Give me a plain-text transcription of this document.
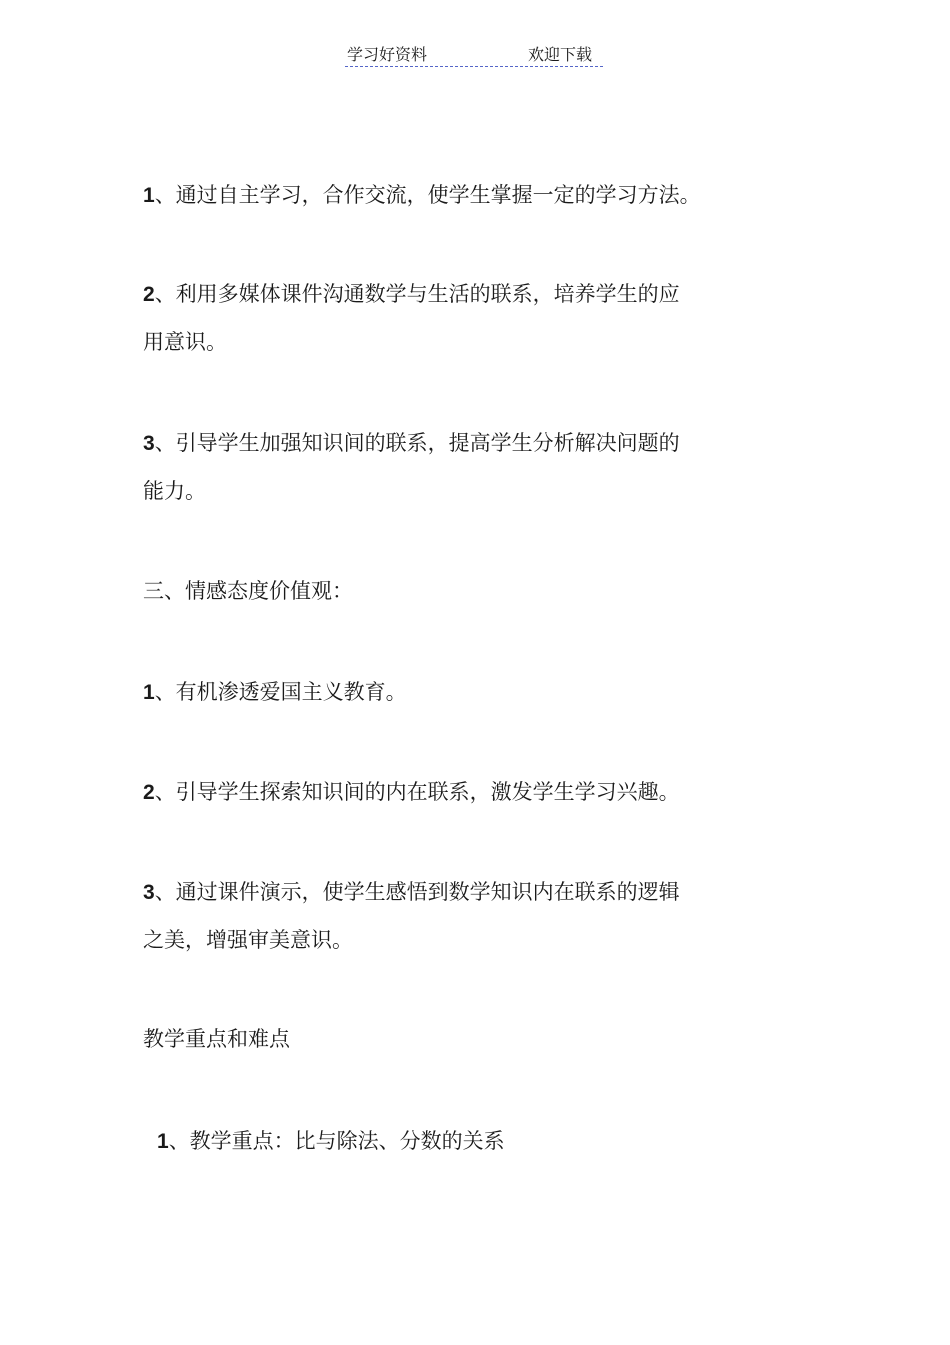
学习好资料	欢迎下载
1、通过自主学习，合作交流，使学生掌握一定的学习方法。
2、利用多媒体课件沟通数学与生活的联系，培养学生的应
用意识。
3、引导学生加强知识间的联系，提高学生分析解决问题的
能力。
三、情感态度价值观：
1、有机渗透爱国主义教育。
2、引导学生探索知识间的内在联系，激发学生学习兴趣。
3、通过课件演示，使学生感悟到数学知识内在联系的逻辑
之美，增强审美意识。
教学重点和难点
1、教学重点：比与除法、分数的关系
